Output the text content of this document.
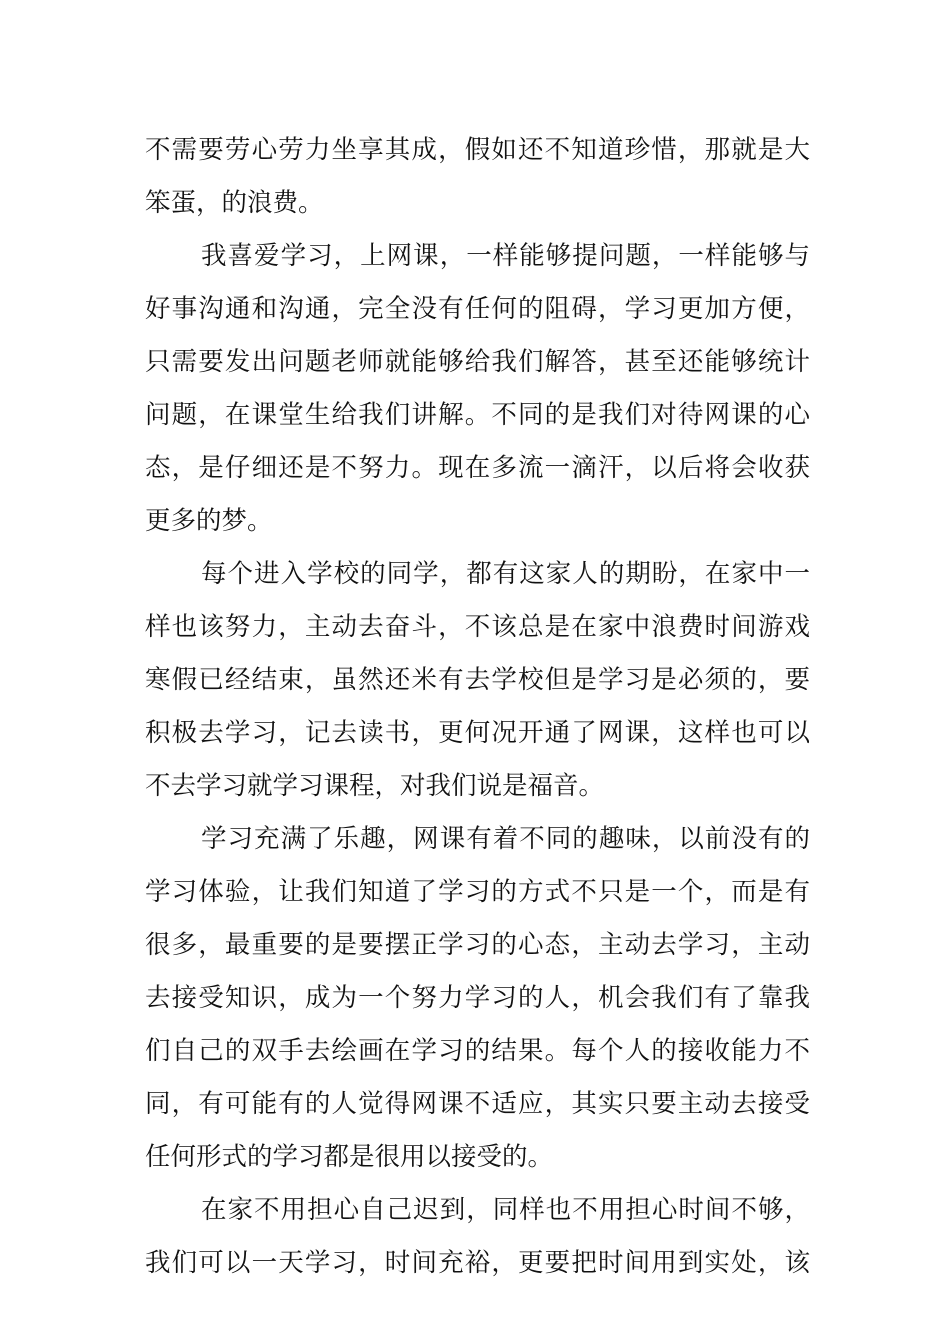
不需要劳心劳力坐享其成，假如还不知道珍惜，那就是大
笨蛋，的浪费。
我喜爱学习，上网课，一样能够提问题，一样能够与
好事沟通和沟通，完全没有任何的阻碍，学习更加方便，
只需要发出问题老师就能够给我们解答，甚至还能够统计
问题，在课堂生给我们讲解。不同的是我们对待网课的心
态，是仔细还是不努力。现在多流一滴汗，以后将会收获
更多的梦。
每个进入学校的同学，都有这家人的期盼，在家中一
样也该努力，主动去奋斗，不该总是在家中浪费时间游戏
寒假已经结束，虽然还米有去学校但是学习是必须的，要
积极去学习，记去读书，更何况开通了网课，这样也可以
不去学习就学习课程，对我们说是福音。
学习充满了乐趣，网课有着不同的趣味，以前没有的
学习体验，让我们知道了学习的方式不只是一个，而是有
很多，最重要的是要摆正学习的心态，主动去学习，主动
去接受知识，成为一个努力学习的人，机会我们有了靠我
们自己的双手去绘画在学习的结果。每个人的接收能力不
同，有可能有的人觉得网课不适应，其实只要主动去接受
任何形式的学习都是很用以接受的。
在家不用担心自己迟到，同样也不用担心时间不够，
我们可以一天学习，时间充裕，更要把时间用到实处，该
